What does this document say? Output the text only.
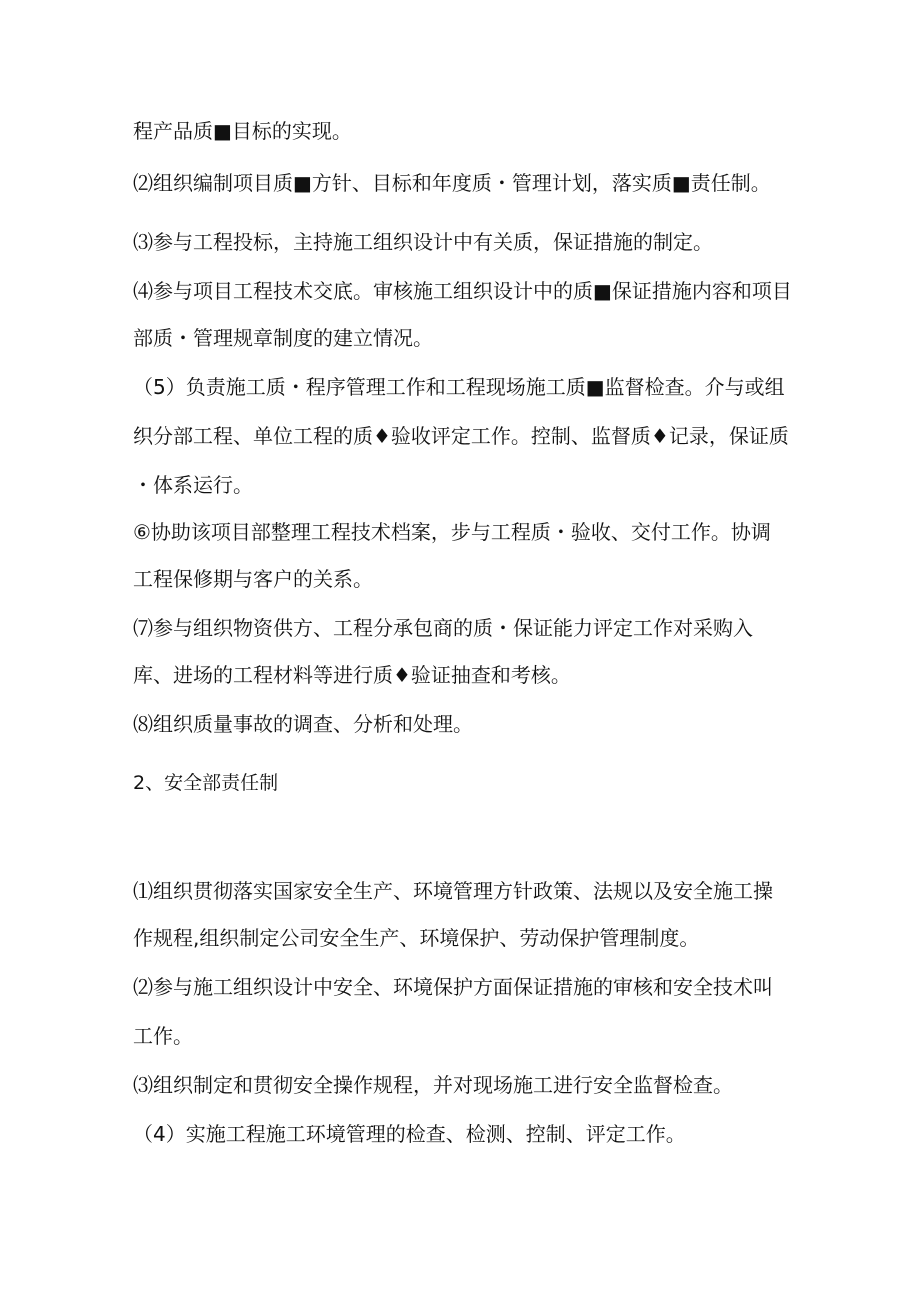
程产品质■目标的实现。

⑵组织编制项目质■方针、目标和年度质・管理计划，落实质■责任制。

⑶参与工程投标，主持施工组织设计中有关质，保证措施的制定。

⑷参与项目工程技术交底。审核施工组织设计中的质■保证措施内容和项目

部质・管理规章制度的建立情况。

（5）负责施工质・程序管理工作和工程现场施工质■监督检查。介与或组

织分部工程、单位工程的质♦验收评定工作。控制、监督质♦记录，保证质

・体系运行。

⑥协助该项目部整理工程技术档案，步与工程质・验收、交付工作。协调

工程保修期与客户的关系。

⑺参与组织物资供方、工程分承包商的质・保证能力评定工作对采购入

库、进场的工程材料等进行质♦验证抽查和考核。

⑻组织质量事故的调查、分析和处理。

2、安全部责任制

⑴组织贯彻落实国家安全生产、环境管理方针政策、法规以及安全施工操

作规程,组织制定公司安全生产、环境保护、劳动保护管理制度。

⑵参与施工组织设计中安全、环境保护方面保证措施的审核和安全技术叫

工作。

⑶组织制定和贯彻安全操作规程，并对现场施工进行安全监督检查。

（4）实施工程施工环境管理的检查、检测、控制、评定工作。
